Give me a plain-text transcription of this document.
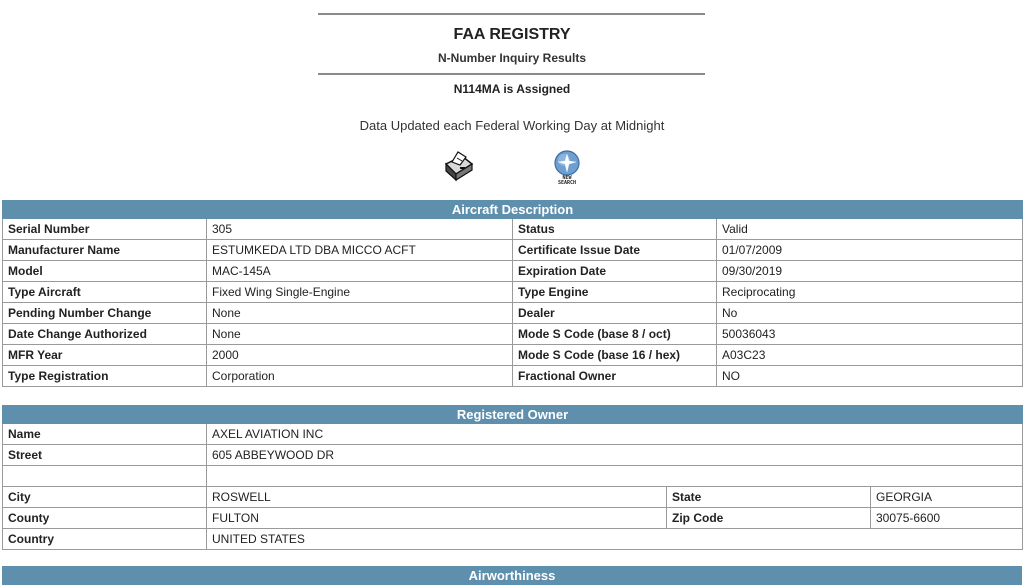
FAA REGISTRY
N-Number Inquiry Results
N114MA is Assigned
Data Updated each Federal Working Day at Midnight
NEW SEARCH
Aircraft Description			
Serial Number	305	Status	Valid
Manufacturer Name	ESTUMKEDA LTD DBA MICCO ACFT	Certificate Issue Date	01/07/2009
Model	MAC-145A	Expiration Date	09/30/2019
Type Aircraft	Fixed Wing Single-Engine	Type Engine	Reciprocating
Pending Number Change	None	Dealer	No
Date Change Authorized	None	Mode S Code (base 8 / oct)	50036043
MFR Year	2000	Mode S Code (base 16 / hex)	A03C23
Type Registration	Corporation	Fractional Owner	NO
Registered Owner			
Name	AXEL AVIATION INC		
Street	605 ABBEYWOOD DR		

City	ROSWELL	State	GEORGIA
County	FULTON	Zip Code	30075-6600
Country	UNITED STATES		
Airworthiness
